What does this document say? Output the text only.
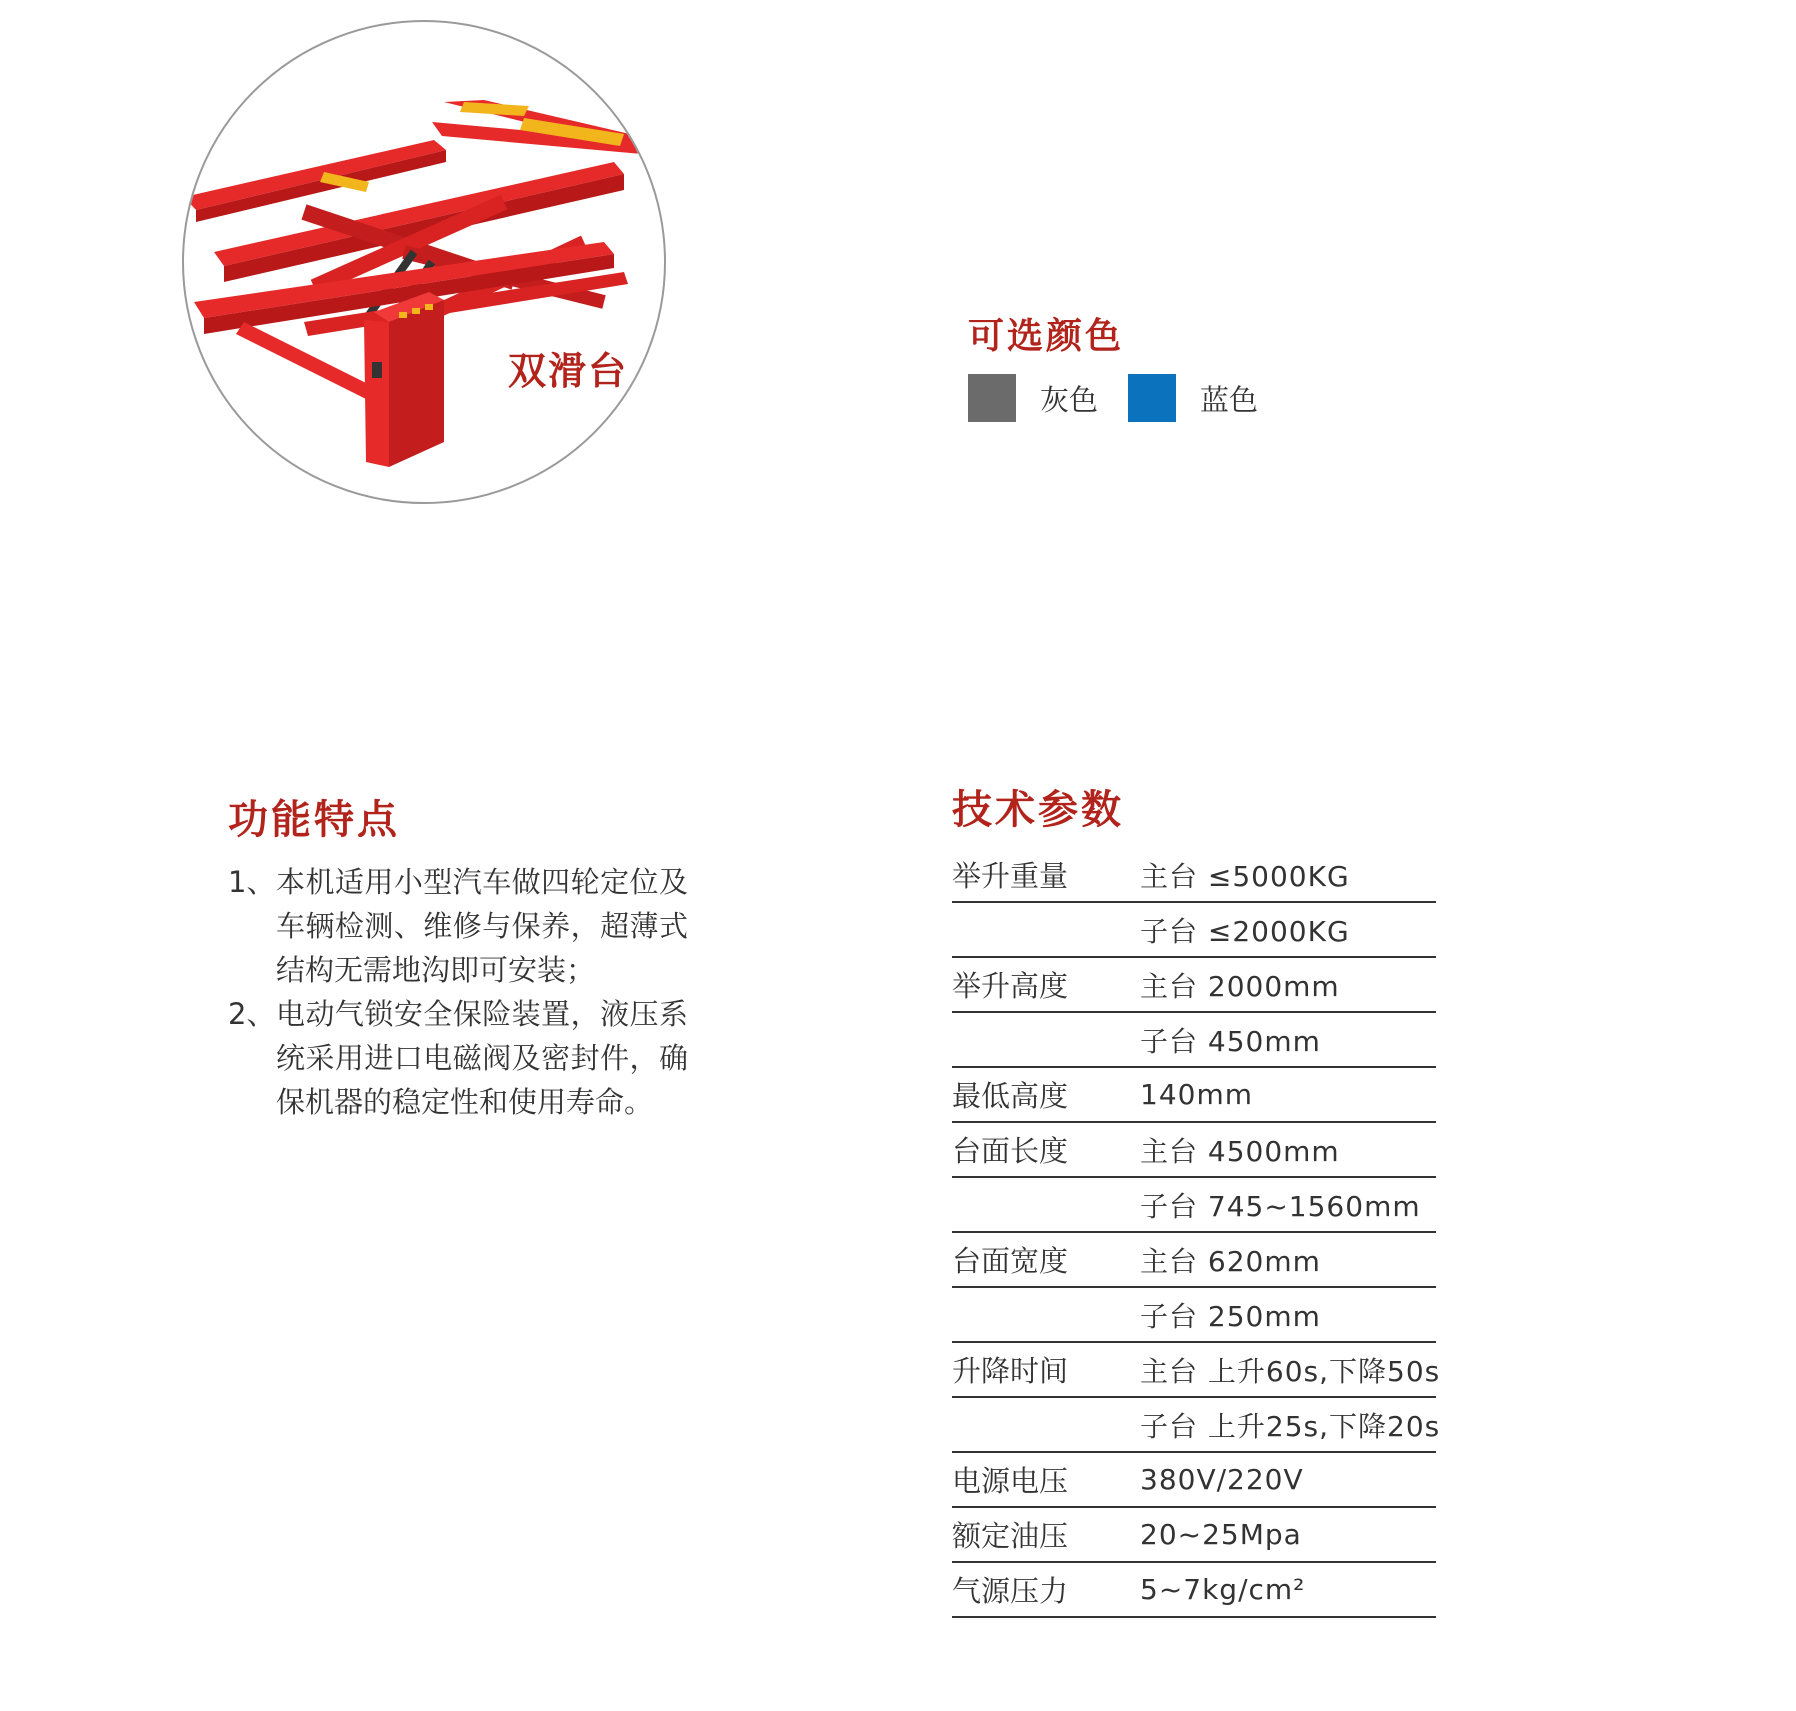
双滑台
可选颜色
灰色	蓝色
功能特点
1、 本机适用小型汽车做四轮定位及车辆检测、维修与保养，超薄式结构无需地沟即可安装；
2、 电动气锁安全保险装置，液压系统采用进口电磁阀及密封件，确保机器的稳定性和使用寿命。
技术参数
举升重量	主台 ≤5000KG
子台 ≤2000KG
举升高度	主台 2000mm
子台 450mm
最低高度	140mm
台面长度	主台 4500mm
子台 745~1560mm
台面宽度	主台 620mm
子台 250mm
升降时间	主台 上升60s,下降50s
子台 上升25s,下降20s
电源电压	380V/220V
额定油压	20~25Mpa
气源压力	5~7kg/cm²
